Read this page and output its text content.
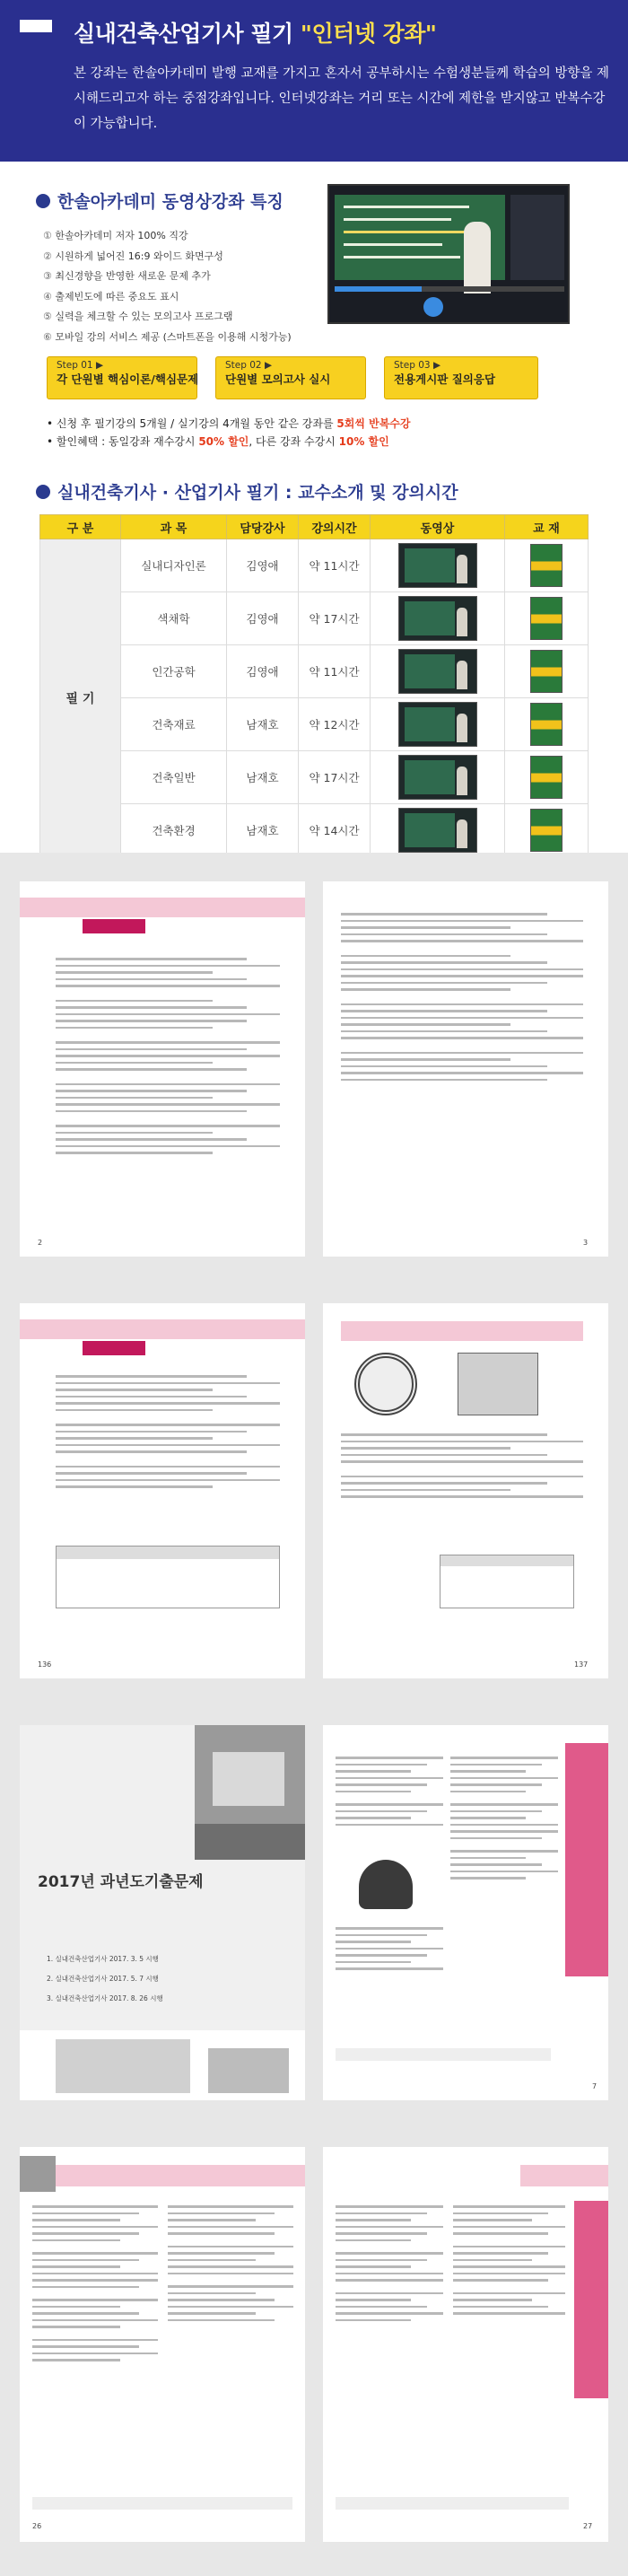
실내건축산업기사 필기 "인터넷 강좌"

본 강좌는 한솔아카데미 발행 교재를 가지고 혼자서 공부하시는 수험생분들께 학습의 방향을 제시해드리고자 하는 중점강좌입니다. 인터넷강좌는 거리 또는 시간에 제한을 받지않고 반복수강이 가능합니다.

한솔아카데미 동영상강좌 특징
① 한솔아카데미 저자 100% 직강
② 시원하게 넓어진 16:9 와이드 화면구성
③ 최신경향을 반영한 새로운 문제 추가
④ 출제빈도에 따른 중요도 표시
⑤ 실력을 체크할 수 있는 모의고사 프로그램
⑥ 모바일 강의 서비스 제공 (스마트폰을 이용해 시청가능)
Step 01 ▶
각 단원별 핵심이론/핵심문제
Step 02 ▶
단원별 모의고사 실시
Step 03 ▶
전용게시판 질의응답
• 신청 후 필기강의 5개월 / 실기강의 4개월 동안 같은 강좌를 5회씩 반복수강
• 할인혜택 : 동일강좌 재수강시 50% 할인, 다른 강좌 수강시 10% 할인
실내건축기사 · 산업기사 필기 : 교수소개 및 강의시간
구 분	과 목	담당강사	강의시간	동영상	교 재
필 기	실내디자인론	김영애	약 11시간	

	색채학	김영애	약 17시간	

	인간공학	김영애	약 11시간	

	건축재료	남재호	약 12시간	

	건축일반	남재호	약 17시간	

	건축환경	남재호	약 14시간	

2	3
136	137
2017년 과년도기출문제
1. 실내건축산업기사 2017. 3. 5 시행
2. 실내건축산업기사 2017. 5. 7 시행
3. 실내건축산업기사 2017. 8. 26 시행
7
26	27
